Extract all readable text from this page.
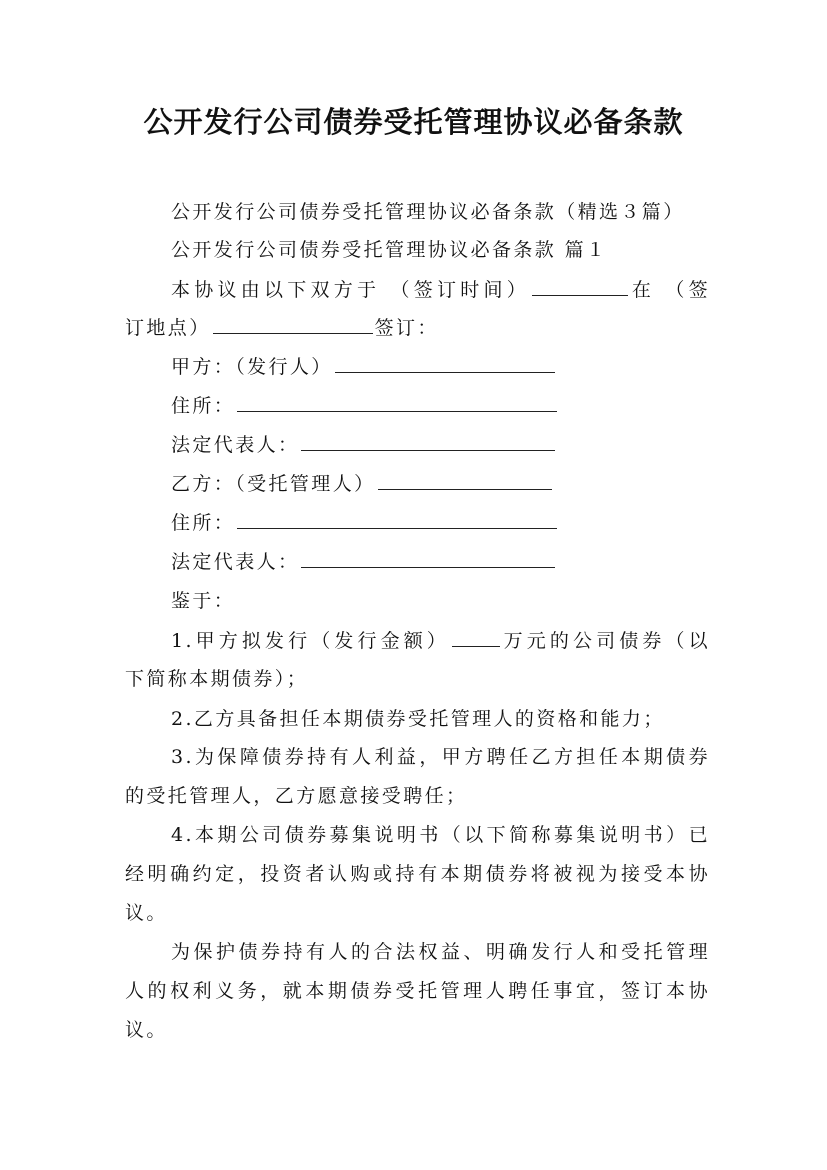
公开发行公司债券受托管理协议必备条款
公开发行公司债券受托管理协议必备条款（精选３篇）
公开发行公司债券受托管理协议必备条款 篇１
本协议由以下双方于 （签订时间）	在 （签
订地点）	签订：
甲方：（发行人）
住所：
法定代表人：
乙方：（受托管理人）
住所：
法定代表人：
鉴于：
1.甲方拟发行（发行金额）	万元的公司债券（以
下简称本期债券）；
2.乙方具备担任本期债券受托管理人的资格和能力；
3.为保障债券持有人利益，甲方聘任乙方担任本期债券
的受托管理人，乙方愿意接受聘任；
4.本期公司债券募集说明书（以下简称募集说明书）已
经明确约定，投资者认购或持有本期债券将被视为接受本协
议。
为保护债券持有人的合法权益、明确发行人和受托管理
人的权利义务，就本期债券受托管理人聘任事宜，签订本协
议。
